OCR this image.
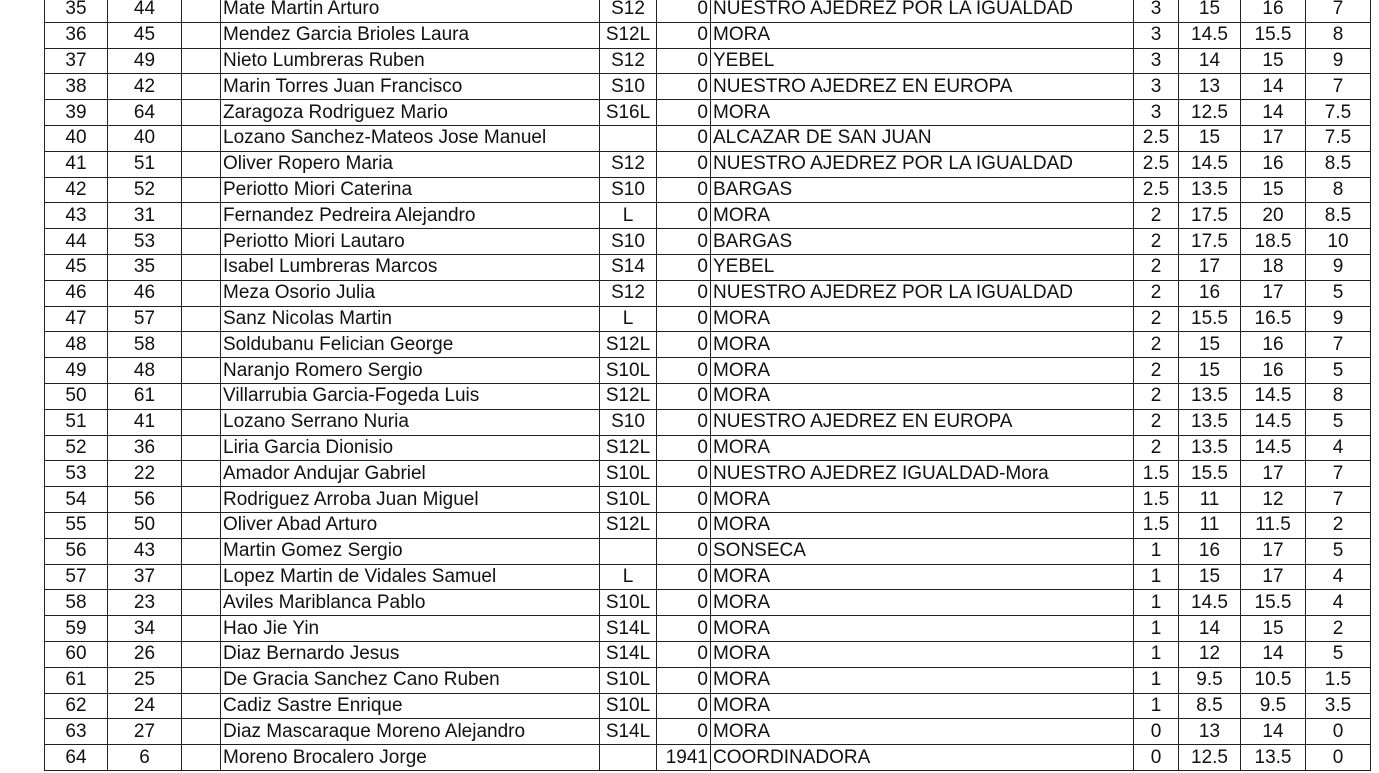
35	44		Mate Martin Arturo	S12	0	NUESTRO AJEDREZ POR LA IGUALDAD	3	15	16	7
36	45		Mendez Garcia Brioles Laura	S12L	0	MORA	3	14.5	15.5	8
37	49		Nieto Lumbreras Ruben	S12	0	YEBEL	3	14	15	9
38	42		Marin Torres Juan Francisco	S10	0	NUESTRO AJEDREZ EN EUROPA	3	13	14	7
39	64		Zaragoza Rodriguez Mario	S16L	0	MORA	3	12.5	14	7.5
40	40		Lozano Sanchez-Mateos Jose Manuel		0	ALCAZAR DE SAN JUAN	2.5	15	17	7.5
41	51		Oliver Ropero Maria	S12	0	NUESTRO AJEDREZ POR LA IGUALDAD	2.5	14.5	16	8.5
42	52		Periotto Miori Caterina	S10	0	BARGAS	2.5	13.5	15	8
43	31		Fernandez Pedreira Alejandro	L	0	MORA	2	17.5	20	8.5
44	53		Periotto Miori Lautaro	S10	0	BARGAS	2	17.5	18.5	10
45	35		Isabel Lumbreras Marcos	S14	0	YEBEL	2	17	18	9
46	46		Meza Osorio Julia	S12	0	NUESTRO AJEDREZ POR LA IGUALDAD	2	16	17	5
47	57		Sanz Nicolas Martin	L	0	MORA	2	15.5	16.5	9
48	58		Soldubanu Felician George	S12L	0	MORA	2	15	16	7
49	48		Naranjo Romero Sergio	S10L	0	MORA	2	15	16	5
50	61		Villarrubia Garcia-Fogeda Luis	S12L	0	MORA	2	13.5	14.5	8
51	41		Lozano Serrano Nuria	S10	0	NUESTRO AJEDREZ EN EUROPA	2	13.5	14.5	5
52	36		Liria Garcia Dionisio	S12L	0	MORA	2	13.5	14.5	4
53	22		Amador Andujar Gabriel	S10L	0	NUESTRO AJEDREZ IGUALDAD-Mora	1.5	15.5	17	7
54	56		Rodriguez Arroba Juan Miguel	S10L	0	MORA	1.5	11	12	7
55	50		Oliver Abad Arturo	S12L	0	MORA	1.5	11	11.5	2
56	43		Martin Gomez Sergio		0	SONSECA	1	16	17	5
57	37		Lopez Martin de Vidales Samuel	L	0	MORA	1	15	17	4
58	23		Aviles Mariblanca Pablo	S10L	0	MORA	1	14.5	15.5	4
59	34		Hao Jie Yin	S14L	0	MORA	1	14	15	2
60	26		Diaz Bernardo Jesus	S14L	0	MORA	1	12	14	5
61	25		De Gracia Sanchez Cano Ruben	S10L	0	MORA	1	9.5	10.5	1.5
62	24		Cadiz Sastre Enrique	S10L	0	MORA	1	8.5	9.5	3.5
63	27		Diaz Mascaraque Moreno Alejandro	S14L	0	MORA	0	13	14	0
64	6		Moreno Brocalero Jorge		1941	COORDINADORA	0	12.5	13.5	0
